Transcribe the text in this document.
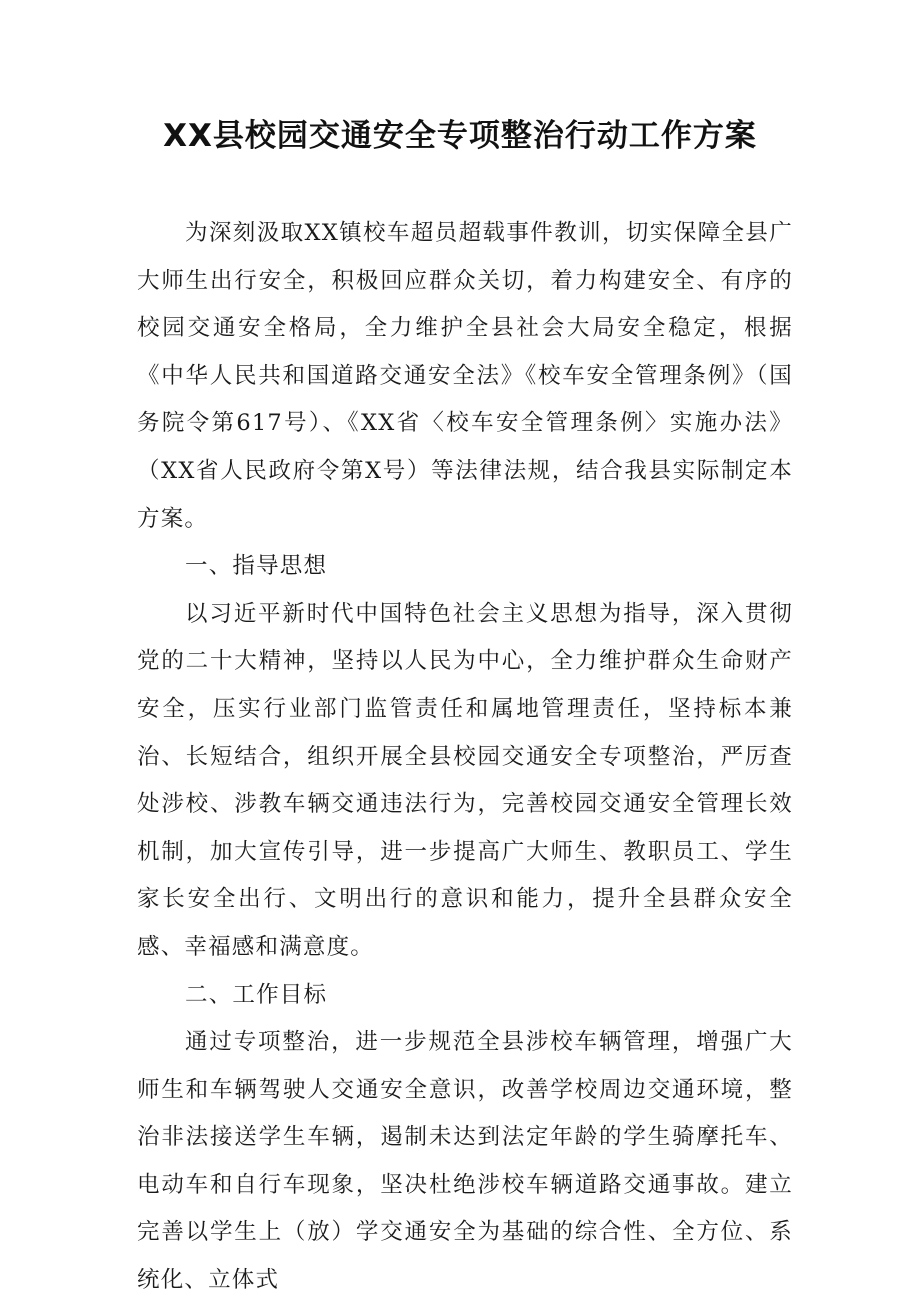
XX县校园交通安全专项整治行动工作方案

为深刻汲取XX镇校车超员超载事件教训，切实保障全县广大师生出行安全，积极回应群众关切，着力构建安全、有序的校园交通安全格局，全力维护全县社会大局安全稳定，根据《中华人民共和国道路交通安全法》《校车安全管理条例》（国务院令第617号）、《XX省〈校车安全管理条例〉实施办法》（XX省人民政府令第X号）等法律法规，结合我县实际制定本方案。

一、指导思想

以习近平新时代中国特色社会主义思想为指导，深入贯彻党的二十大精神，坚持以人民为中心，全力维护群众生命财产安全，压实行业部门监管责任和属地管理责任，坚持标本兼治、长短结合，组织开展全县校园交通安全专项整治，严厉查处涉校、涉教车辆交通违法行为，完善校园交通安全管理长效机制，加大宣传引导，进一步提高广大师生、教职员工、学生家长安全出行、文明出行的意识和能力，提升全县群众安全感、幸福感和满意度。

二、工作目标

通过专项整治，进一步规范全县涉校车辆管理，增强广大师生和车辆驾驶人交通安全意识，改善学校周边交通环境，整治非法接送学生车辆，遏制未达到法定年龄的学生骑摩托车、电动车和自行车现象，坚决杜绝涉校车辆道路交通事故。建立完善以学生上（放）学交通安全为基础的综合性、全方位、系统化、立体式
